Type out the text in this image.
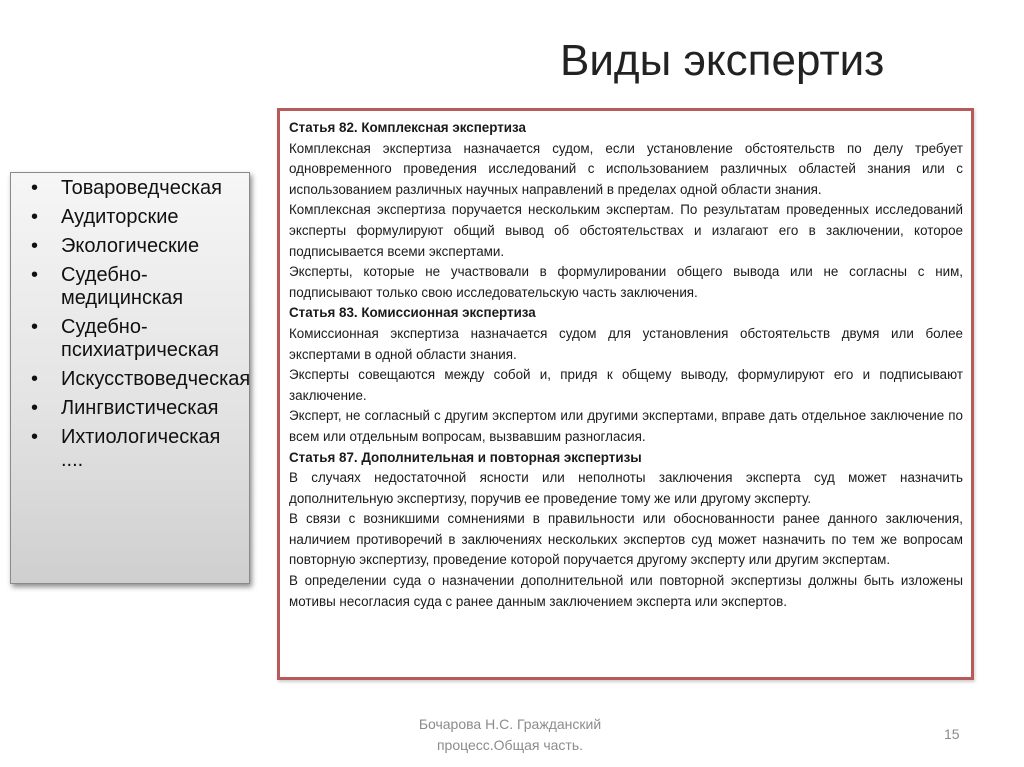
Виды экспертиз
• Товароведческая
• Аудиторские
• Экологические
• Судебно-медицинская
• Судебно-психиатрическая
• Искусствоведческая
• Лингвистическая
• Ихтиологическая ....

Статья 82. Комплексная экспертиза

Комплексная экспертиза назначается судом, если установление обстоятельств по делу требует одновременного проведения исследований с использованием различных областей знания или с использованием различных научных направлений в пределах одной области знания.

Комплексная экспертиза поручается нескольким экспертам. По результатам проведенных исследований эксперты формулируют общий вывод об обстоятельствах и излагают его в заключении, которое подписывается всеми экспертами.

Эксперты, которые не участвовали в формулировании общего вывода или не согласны с ним, подписывают только свою исследовательскую часть заключения.

Статья 83. Комиссионная экспертиза

Комиссионная экспертиза назначается судом для установления обстоятельств двумя или более экспертами в одной области знания.

Эксперты совещаются между собой и, придя к общему выводу, формулируют его и подписывают заключение.

Эксперт, не согласный с другим экспертом или другими экспертами, вправе дать отдельное заключение по всем или отдельным вопросам, вызвавшим разногласия.

Статья 87. Дополнительная и повторная экспертизы

В случаях недостаточной ясности или неполноты заключения эксперта суд может назначить дополнительную экспертизу, поручив ее проведение тому же или другому эксперту.

В связи с возникшими сомнениями в правильности или обоснованности ранее данного заключения, наличием противоречий в заключениях нескольких экспертов суд может назначить по тем же вопросам повторную экспертизу, проведение которой поручается другому эксперту или другим экспертам.

В определении суда о назначении дополнительной или повторной экспертизы должны быть изложены мотивы несогласия суда с ранее данным заключением эксперта или экспертов.

Бочарова Н.С. Гражданский
процесс.Общая часть.
15
